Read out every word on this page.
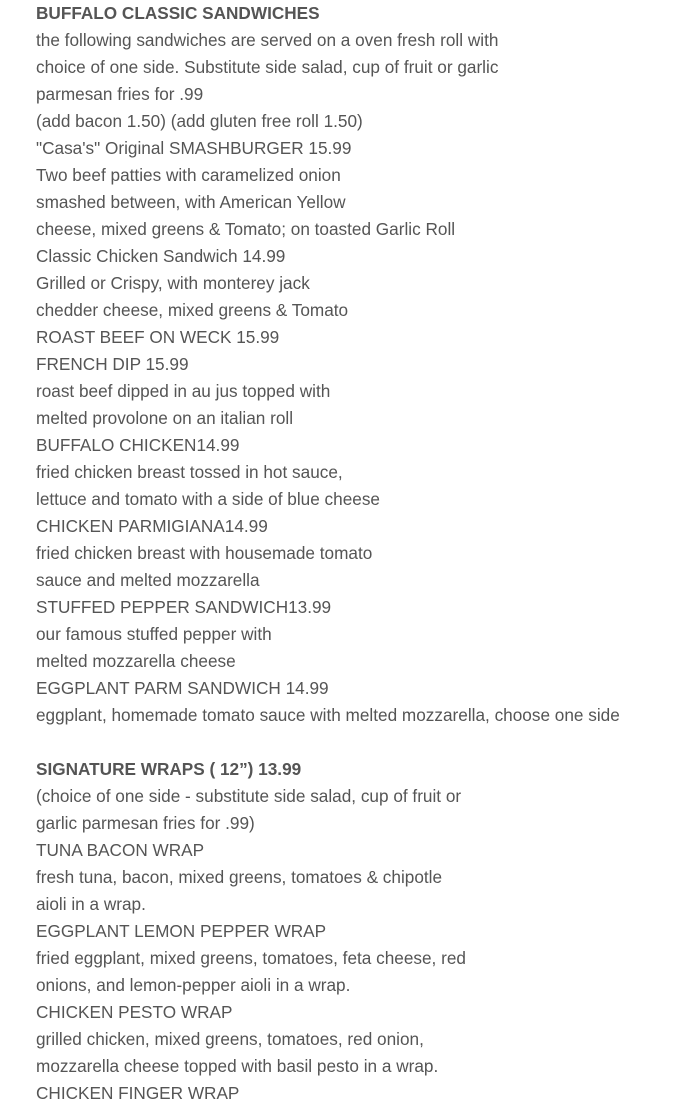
BUFFALO CLASSIC SANDWICHES
the following sandwiches are served on a oven fresh roll with
choice of one side. Substitute side salad, cup of fruit or garlic
parmesan fries for .99
(add bacon 1.50) (add gluten free roll 1.50)
"Casa's" Original SMASHBURGER 15.99
Two beef patties with caramelized onion
smashed between, with American Yellow
cheese, mixed greens & Tomato; on toasted Garlic Roll
Classic Chicken Sandwich 14.99
Grilled or Crispy, with monterey jack
chedder cheese, mixed greens & Tomato
ROAST BEEF ON WECK 15.99
FRENCH DIP 15.99
roast beef dipped in au jus topped with
melted provolone on an italian roll
BUFFALO CHICKEN14.99
fried chicken breast tossed in hot sauce,
lettuce and tomato with a side of blue cheese
CHICKEN PARMIGIANA14.99
fried chicken breast with housemade tomato
sauce and melted mozzarella
STUFFED PEPPER SANDWICH13.99
our famous stuffed pepper with
melted mozzarella cheese
EGGPLANT PARM SANDWICH 14.99
eggplant, homemade tomato sauce with melted mozzarella, choose one side
SIGNATURE WRAPS ( 12”) 13.99
(choice of one side - substitute side salad, cup of fruit or
garlic parmesan fries for .99)
TUNA BACON WRAP
fresh tuna, bacon, mixed greens, tomatoes & chipotle
aioli in a wrap.
EGGPLANT LEMON PEPPER WRAP
fried eggplant, mixed greens, tomatoes, feta cheese, red
onions, and lemon-pepper aioli in a wrap.
CHICKEN PESTO WRAP
grilled chicken, mixed greens, tomatoes, red onion,
mozzarella cheese topped with basil pesto in a wrap.
CHICKEN FINGER WRAP
